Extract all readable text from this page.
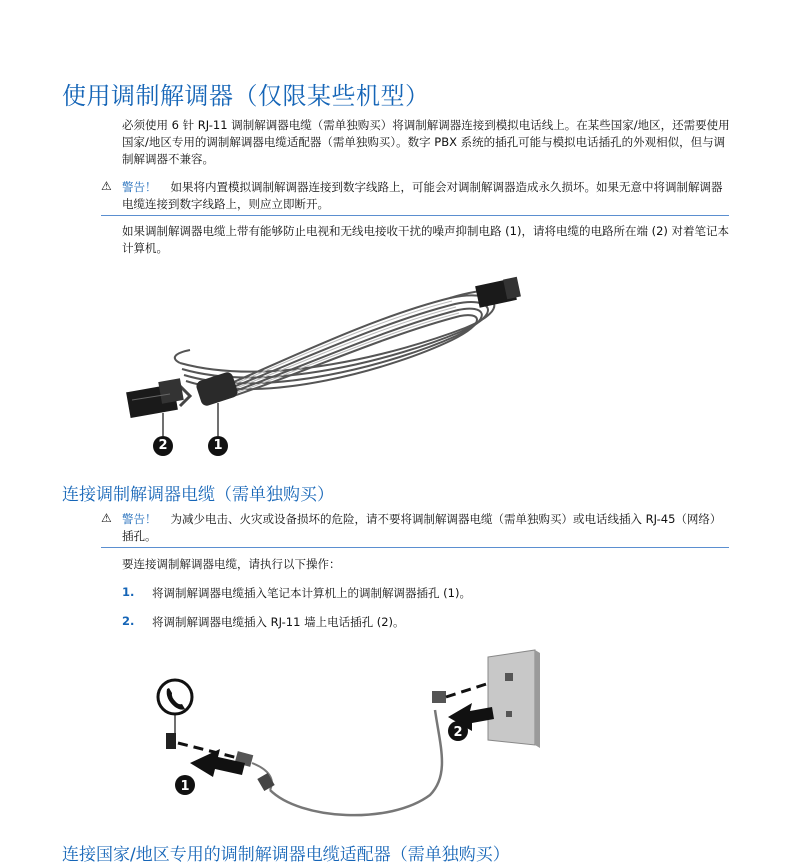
使用调制解调器（仅限某些机型）
必须使用 6 针 RJ-11 调制解调器电缆（需单独购买）将调制解调器连接到模拟电话线上。在某些国家/地区，还需要使用国家/地区专用的调制解调器电缆适配器（需单独购买）。数字 PBX 系统的插孔可能与模拟电话插孔的外观相似，但与调制解调器不兼容。
⚠ 警告！ 如果将内置模拟调制解调器连接到数字线路上，可能会对调制解调器造成永久损坏。如果无意中将调制解调器电缆连接到数字线路上，则应立即断开。
如果调制解调器电缆上带有能够防止电视和无线电接收干扰的噪声抑制电路 (1)，请将电缆的电路所在端 (2) 对着笔记本计算机。
2	1
连接调制解调器电缆（需单独购买）
⚠ 警告！ 为减少电击、火灾或设备损坏的危险，请不要将调制解调器电缆（需单独购买）或电话线插入 RJ-45（网络）插孔。
要连接调制解调器电缆，请执行以下操作：
1. 将调制解调器电缆插入笔记本计算机上的调制解调器插孔 (1)。
2. 将调制解调器电缆插入 RJ-11 墙上电话插孔 (2)。
1
2
连接国家/地区专用的调制解调器电缆适配器（需单独购买）
